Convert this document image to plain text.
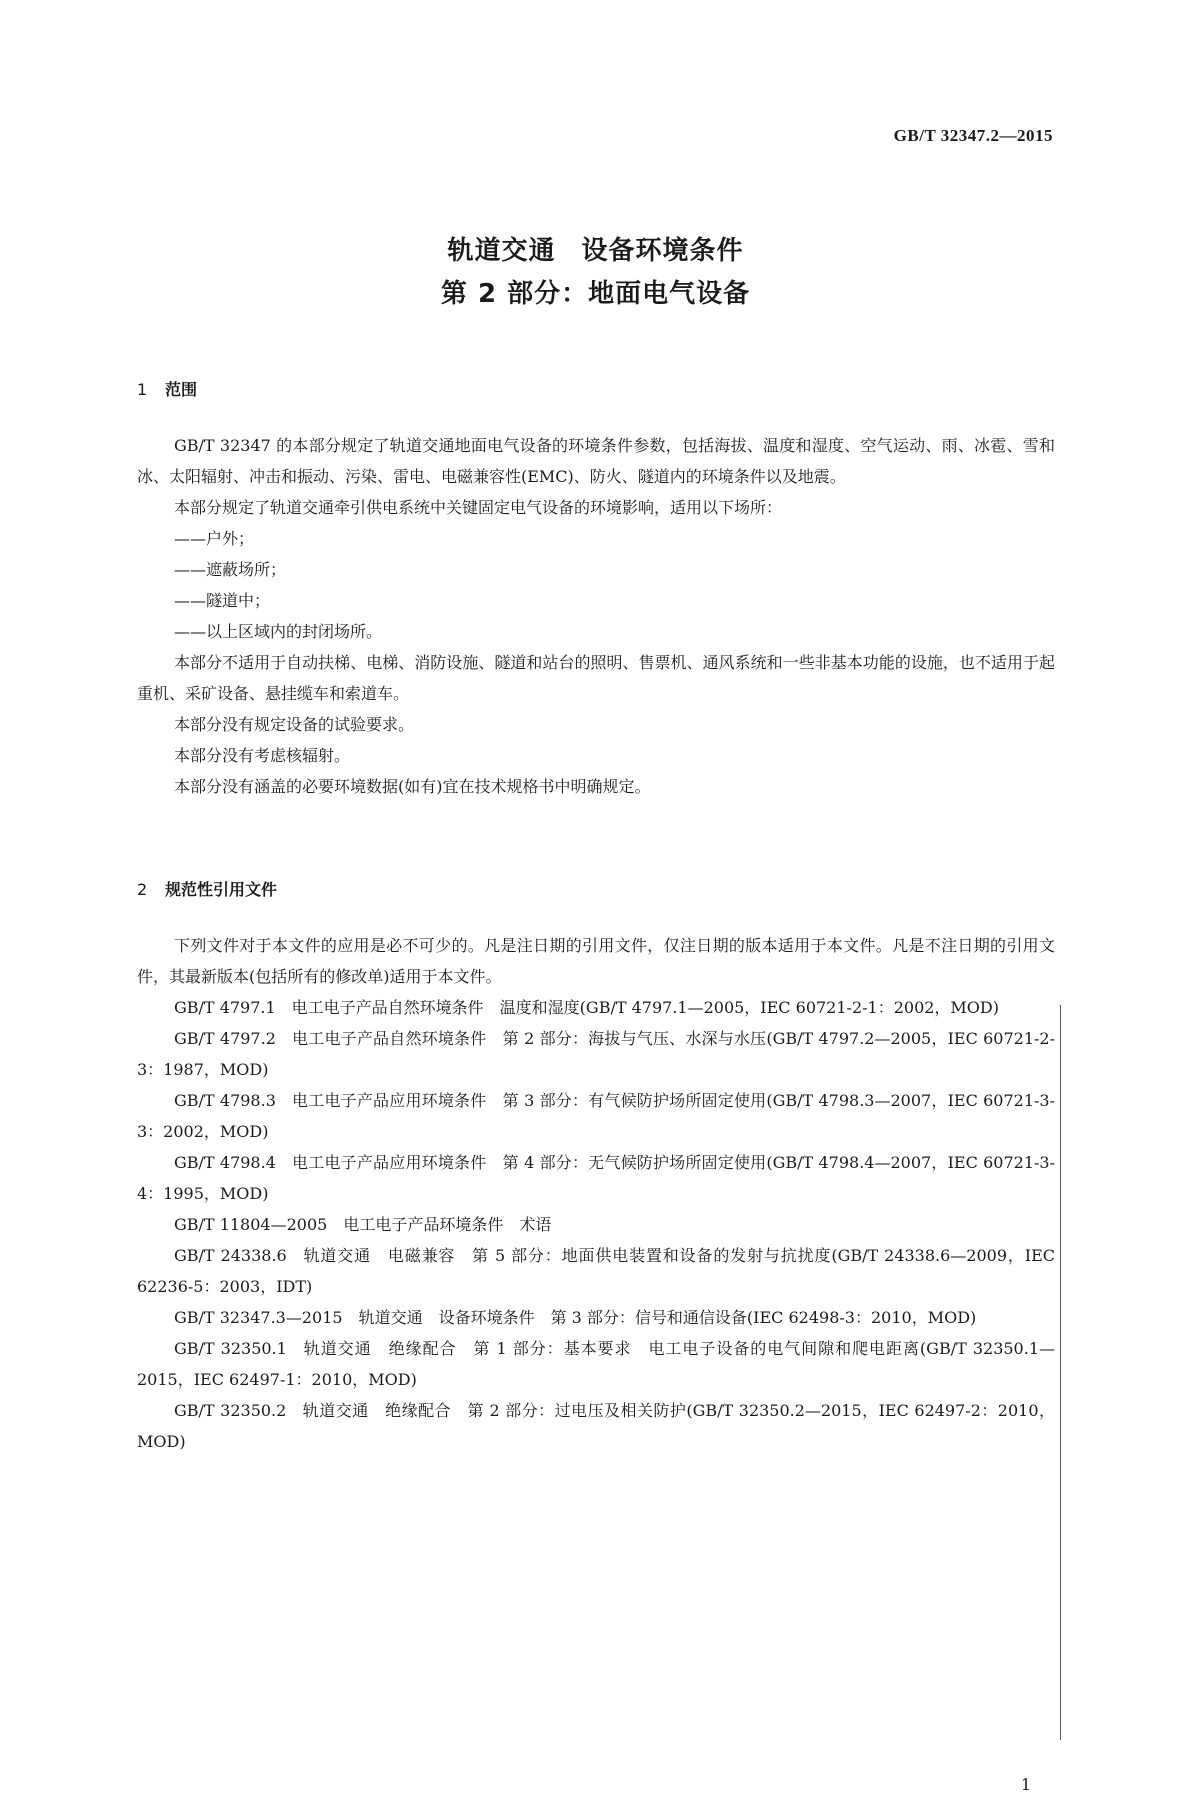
GB/T 32347.2—2015
轨道交通 设备环境条件
第 2 部分：地面电气设备
1 范围

GB/T 32347 的本部分规定了轨道交通地面电气设备的环境条件参数，包括海拔、温度和湿度、空气运动、雨、冰雹、雪和冰、太阳辐射、冲击和振动、污染、雷电、电磁兼容性(EMC)、防火、隧道内的环境条件以及地震。

本部分规定了轨道交通牵引供电系统中关键固定电气设备的环境影响，适用以下场所：

——户外；

——遮蔽场所；

——隧道中；

——以上区域内的封闭场所。

本部分不适用于自动扶梯、电梯、消防设施、隧道和站台的照明、售票机、通风系统和一些非基本功能的设施，也不适用于起重机、采矿设备、悬挂缆车和索道车。

本部分没有规定设备的试验要求。

本部分没有考虑核辐射。

本部分没有涵盖的必要环境数据(如有)宜在技术规格书中明确规定。

2 规范性引用文件

下列文件对于本文件的应用是必不可少的。凡是注日期的引用文件，仅注日期的版本适用于本文件。凡是不注日期的引用文件，其最新版本(包括所有的修改单)适用于本文件。

GB/T 4797.1 电工电子产品自然环境条件　温度和湿度(GB/T 4797.1—2005，IEC 60721-2-1：2002，MOD)

GB/T 4797.2 电工电子产品自然环境条件　第 2 部分：海拔与气压、水深与水压(GB/T 4797.2—2005，IEC 60721-2-3：1987，MOD)

GB/T 4798.3 电工电子产品应用环境条件　第 3 部分：有气候防护场所固定使用(GB/T 4798.3—2007，IEC 60721-3-3：2002，MOD)

GB/T 4798.4 电工电子产品应用环境条件　第 4 部分：无气候防护场所固定使用(GB/T 4798.4—2007，IEC 60721-3-4：1995，MOD)

GB/T 11804—2005 电工电子产品环境条件　术语

GB/T 24338.6 轨道交通　电磁兼容　第 5 部分：地面供电装置和设备的发射与抗扰度(GB/T 24338.6—2009，IEC 62236-5：2003，IDT)

GB/T 32347.3—2015 轨道交通　设备环境条件　第 3 部分：信号和通信设备(IEC 62498-3：2010，MOD)

GB/T 32350.1 轨道交通　绝缘配合　第 1 部分：基本要求　电工电子设备的电气间隙和爬电距离(GB/T 32350.1—2015，IEC 62497-1：2010，MOD)

GB/T 32350.2 轨道交通　绝缘配合　第 2 部分：过电压及相关防护(GB/T 32350.2—2015，IEC 62497-2：2010，MOD)

1
